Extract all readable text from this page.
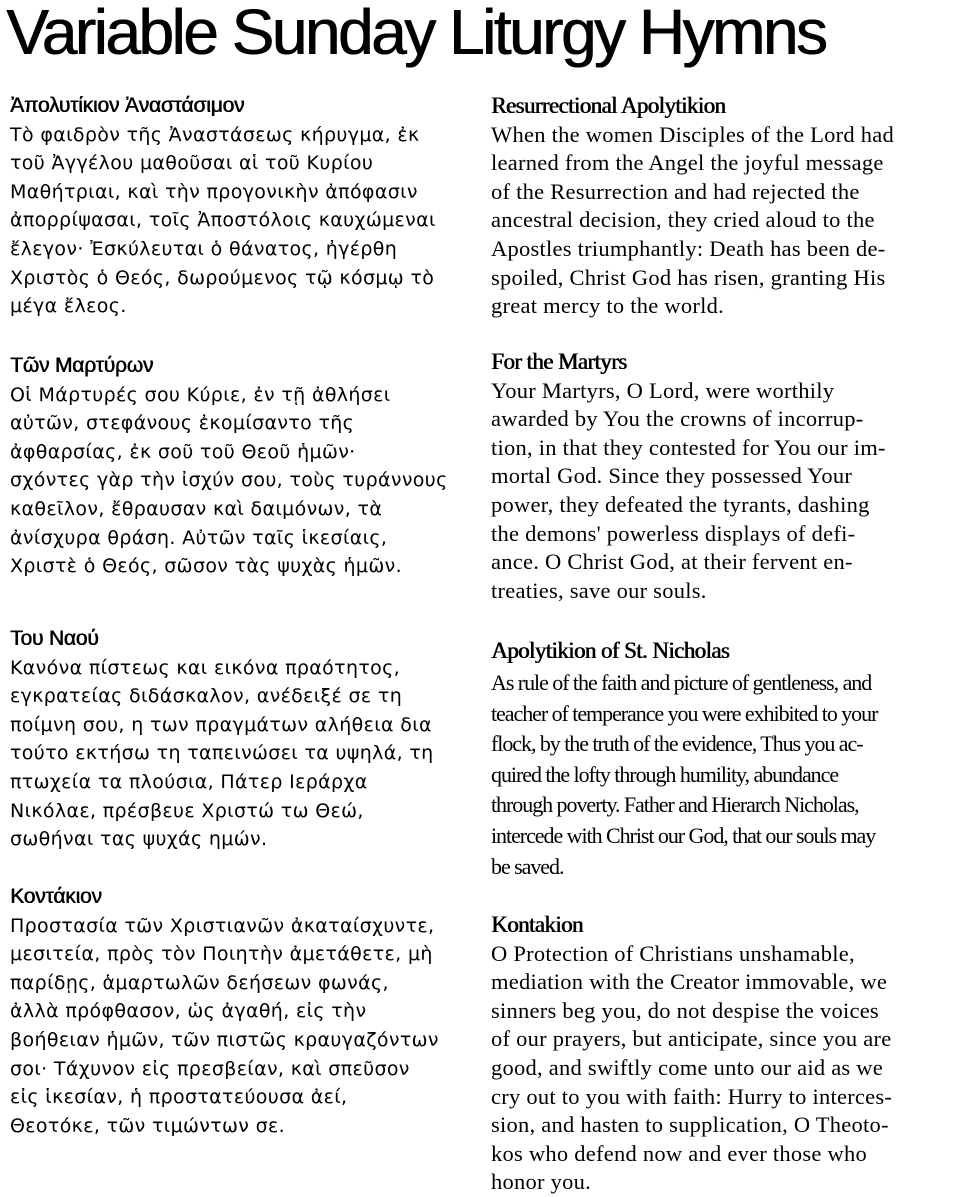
Variable Sunday Liturgy Hymns
Ἀπολυτίκιον Ἀναστάσιμον

Τὸ φαιδρὸν τῆς Ἀναστάσεως κήρυγμα, ἐκ
τοῦ Ἀγγέλου μαθοῦσαι αἱ τοῦ Κυρίου
Μαθήτριαι, καὶ τὴν προγονικὴν ἀπόφασιν
ἀπορρίψασαι, τοῖς Ἀποστόλοις καυχώμεναι
ἔλεγον· Ἐσκύλευται ὁ θάνατος, ἠγέρθη
Χριστὸς ὁ Θεός, δωρούμενος τῷ κόσμῳ τὸ
μέγα ἔλεος.

Τῶν Μαρτύρων

Οἱ Μάρτυρές σου Κύριε, ἐν τῇ ἀθλήσει
αὐτῶν, στεφάνους ἐκομίσαντο τῆς
ἀφθαρσίας, ἐκ σοῦ τοῦ Θεοῦ ἡμῶν·
σχόντες γὰρ τὴν ἰσχύν σου, τοὺς τυράννους
καθεῖλον, ἔθραυσαν καὶ δαιμόνων, τὰ
ἀνίσχυρα θράση. Αὐτῶν ταῖς ἱκεσίαις,
Χριστὲ ὁ Θεός, σῶσον τὰς ψυχὰς ἡμῶν.

Του Ναού

Κανόνα πίστεως και εικόνα πραότητος,
εγκρατείας διδάσκαλον, ανέδειξέ σε τη
ποίμνη σου, η των πραγμάτων αλήθεια δια
τούτο εκτήσω τη ταπεινώσει τα υψηλά, τη
πτωχεία τα πλούσια, Πάτερ Ιεράρχα
Νικόλαε, πρέσβευε Χριστώ τω Θεώ,
σωθήναι τας ψυχάς ημών.

Κοντάκιον

Προστασία τῶν Χριστιανῶν ἀκαταίσχυντε,
μεσιτεία, πρὸς τὸν Ποιητὴν ἀμετάθετε, μὴ
παρίδῃς, ἁμαρτωλῶν δεήσεων φωνάς,
ἀλλὰ πρόφθασον, ὡς ἀγαθή, εἰς τὴν
βοήθειαν ἡμῶν, τῶν πιστῶς κραυγαζόντων
σοι· Τάχυνον εἰς πρεσβείαν, καὶ σπεῦσον
εἰς ἱκεσίαν, ἡ προστατεύουσα ἀεί,
Θεοτόκε, τῶν τιμώντων σε.

Resurrectional Apolytikion

When the women Disciples of the Lord had
learned from the Angel the joyful message
of the Resurrection and had rejected the
ancestral decision, they cried aloud to the
Apostles triumphantly: Death has been de-
spoiled, Christ God has risen, granting His
great mercy to the world.

For the Martyrs

Your Martyrs, O Lord, were worthily
awarded by You the crowns of incorrup-
tion, in that they contested for You our im-
mortal God. Since they possessed Your
power, they defeated the tyrants, dashing
the demons' powerless displays of defi-
ance. O Christ God, at their fervent en-
treaties, save our souls.

Apolytikion of St. Nicholas

As rule of the faith and picture of gentleness, and
teacher of temperance you were exhibited to your
flock, by the truth of the evidence, Thus you ac-
quired the lofty through humility, abundance
through poverty. Father and Hierarch Nicholas,
intercede with Christ our God, that our souls may
be saved.

Kontakion

O Protection of Christians unshamable,
mediation with the Creator immovable, we
sinners beg you, do not despise the voices
of our prayers, but anticipate, since you are
good, and swiftly come unto our aid as we
cry out to you with faith: Hurry to interces-
sion, and hasten to supplication, O Theoto-
kos who defend now and ever those who
honor you.
